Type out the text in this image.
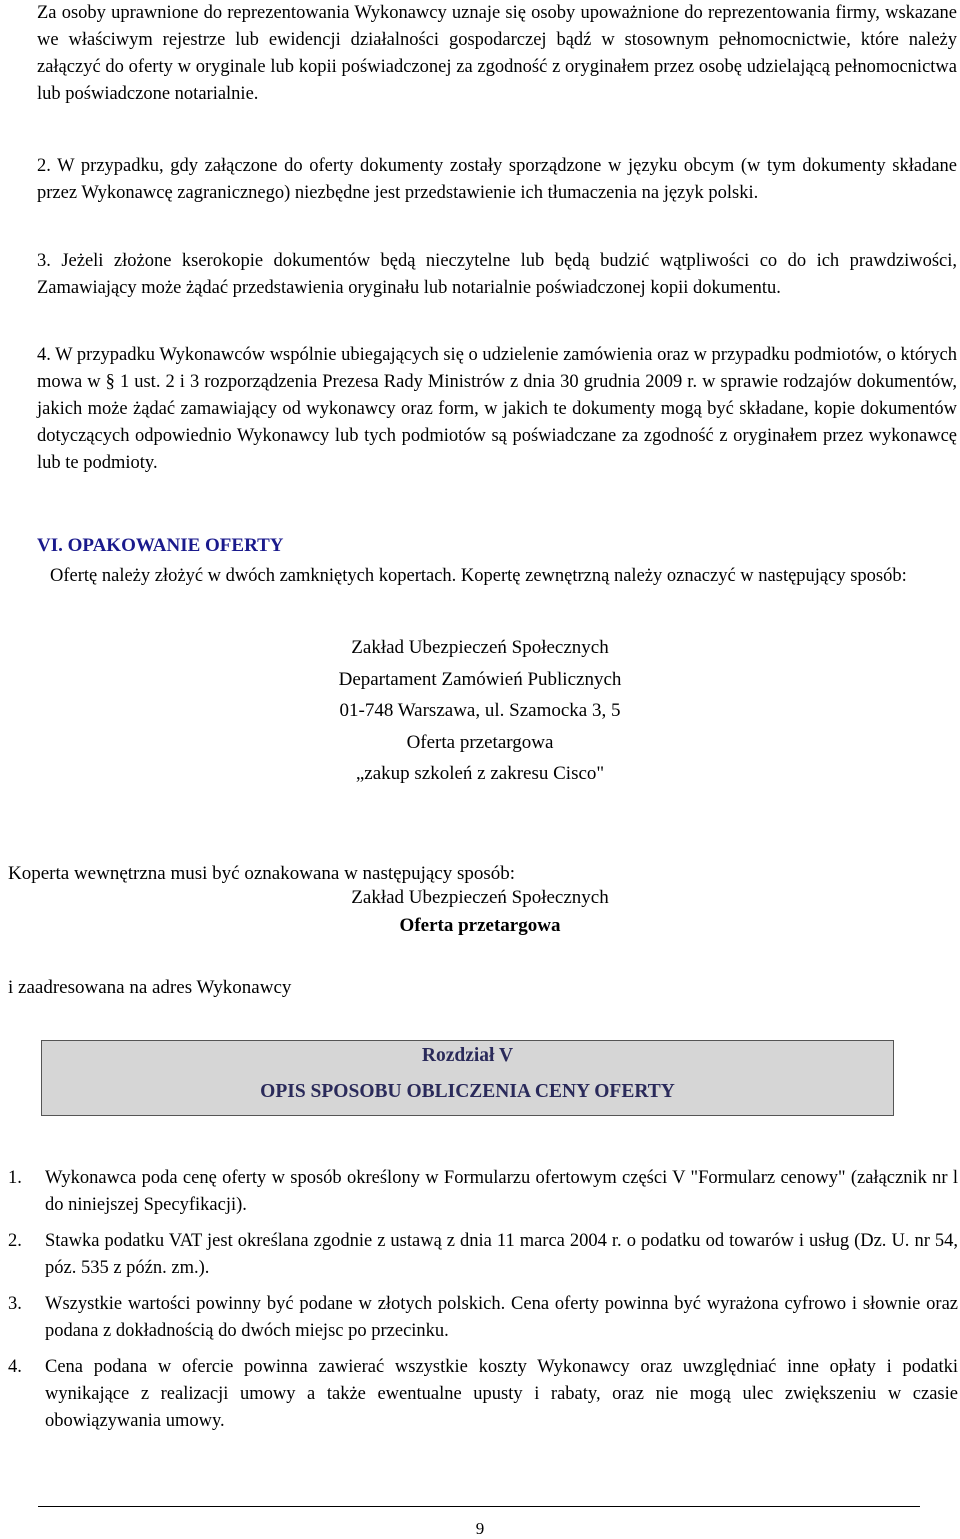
Za osoby uprawnione do reprezentowania Wykonawcy uznaje się osoby upoważnione do reprezentowania firmy, wskazane we właściwym rejestrze lub ewidencji działalności gospodarczej bądź w stosownym pełnomocnictwie, które należy załączyć do oferty w oryginale lub kopii poświadczonej za zgodność z oryginałem przez osobę udzielającą pełnomocnictwa lub poświadczone notarialnie.
2. W przypadku, gdy załączone do oferty dokumenty zostały sporządzone w języku obcym (w tym dokumenty składane przez Wykonawcę zagranicznego) niezbędne jest przedstawienie ich tłumaczenia na język polski.
3. Jeżeli złożone kserokopie dokumentów będą nieczytelne lub będą budzić wątpliwości co do ich prawdziwości, Zamawiający może żądać przedstawienia oryginału lub notarialnie poświadczonej kopii dokumentu.
4. W przypadku Wykonawców wspólnie ubiegających się o udzielenie zamówienia oraz w przypadku podmiotów, o których mowa w § 1 ust. 2 i 3 rozporządzenia Prezesa Rady Ministrów z dnia 30 grudnia 2009 r. w sprawie rodzajów dokumentów, jakich może żądać zamawiający od wykonawcy oraz form, w jakich te dokumenty mogą być składane, kopie dokumentów dotyczących odpowiednio Wykonawcy lub tych podmiotów są poświadczane za zgodność z oryginałem przez wykonawcę lub te podmioty.
VI. OPAKOWANIE OFERTY
Ofertę należy złożyć w dwóch zamkniętych kopertach. Kopertę zewnętrzną należy oznaczyć w następujący sposób:
Zakład Ubezpieczeń Społecznych
Departament Zamówień Publicznych
01-748 Warszawa, ul. Szamocka 3, 5
Oferta przetargowa
„zakup szkoleń z zakresu Cisco"
Koperta wewnętrzna musi być oznakowana w następujący sposób:
Zakład Ubezpieczeń Społecznych
Oferta przetargowa
i zaadresowana na adres Wykonawcy
Rozdział V
OPIS SPOSOBU OBLICZENIA CENY OFERTY
1. Wykonawca poda cenę oferty w sposób określony w Formularzu ofertowym części V "Formularz cenowy" (załącznik nr l do niniejszej Specyfikacji).
2. Stawka podatku VAT jest określana zgodnie z ustawą z dnia 11 marca 2004 r. o podatku od towarów i usług (Dz. U. nr 54, póz. 535 z późn. zm.).
3. Wszystkie wartości powinny być podane w złotych polskich. Cena oferty powinna być wyrażona cyfrowo i słownie oraz podana z dokładnością do dwóch miejsc po przecinku.
4. Cena podana w ofercie powinna zawierać wszystkie koszty Wykonawcy oraz uwzględniać inne opłaty i podatki wynikające z realizacji umowy a także ewentualne upusty i rabaty, oraz nie mogą ulec zwiększeniu w czasie obowiązywania umowy.
9
